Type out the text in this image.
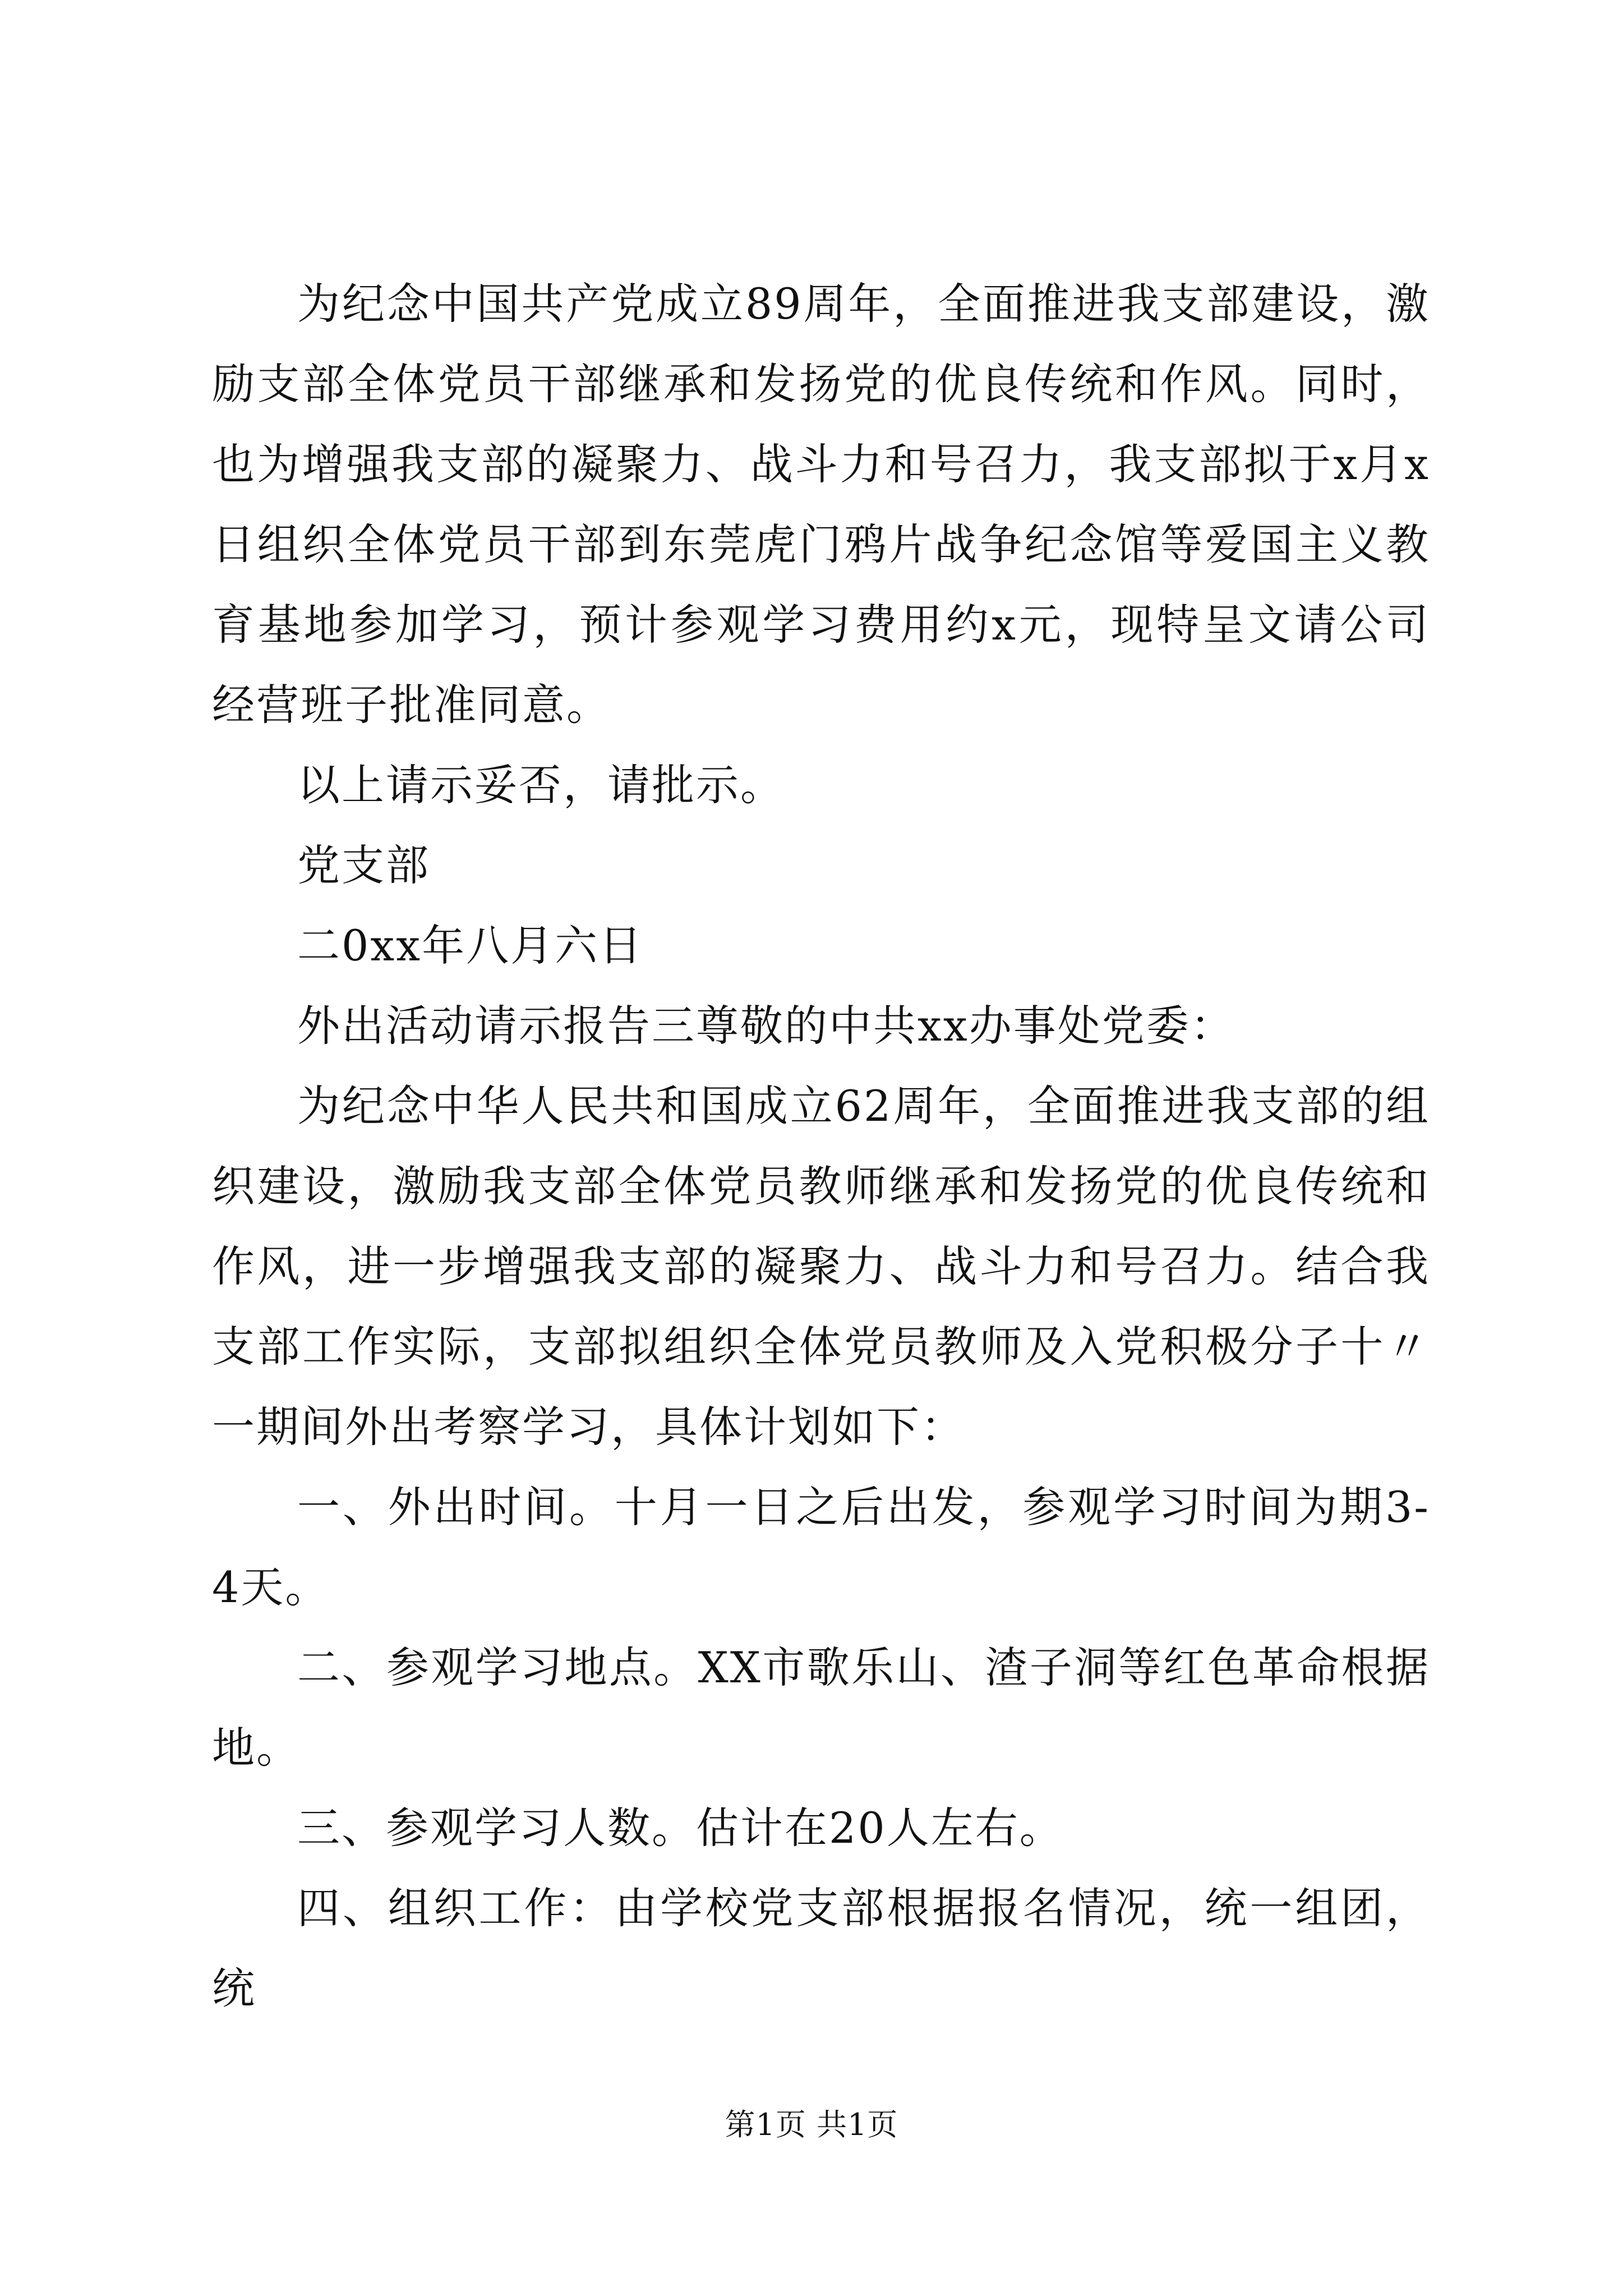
为纪念中国共产党成立89周年，全面推进我支部建设，激励支部全体党员干部继承和发扬党的优良传统和作风。同时，也为增强我支部的凝聚力、战斗力和号召力，我支部拟于x月x日组织全体党员干部到东莞虎门鸦片战争纪念馆等爱国主义教育基地参加学习，预计参观学习费用约x元，现特呈文请公司经营班子批准同意。

以上请示妥否，请批示。
党支部
二0xx年八月六日
外出活动请示报告三尊敬的中共xx办事处党委：

为纪念中华人民共和国成立62周年，全面推进我支部的组织建设，激励我支部全体党员教师继承和发扬党的优良传统和作风，进一步增强我支部的凝聚力、战斗力和号召力。结合我支部工作实际，支部拟组织全体党员教师及入党积极分子十〃一期间外出考察学习，具体计划如下：

一、外出时间。十月一日之后出发，参观学习时间为期3-4天。

二、参观学习地点。XX市歌乐山、渣子洞等红色革命根据地。

三、参观学习人数。估计在20人左右。

四、组织工作：由学校党支部根据报名情况，统一组团，统

第1页 共1页
